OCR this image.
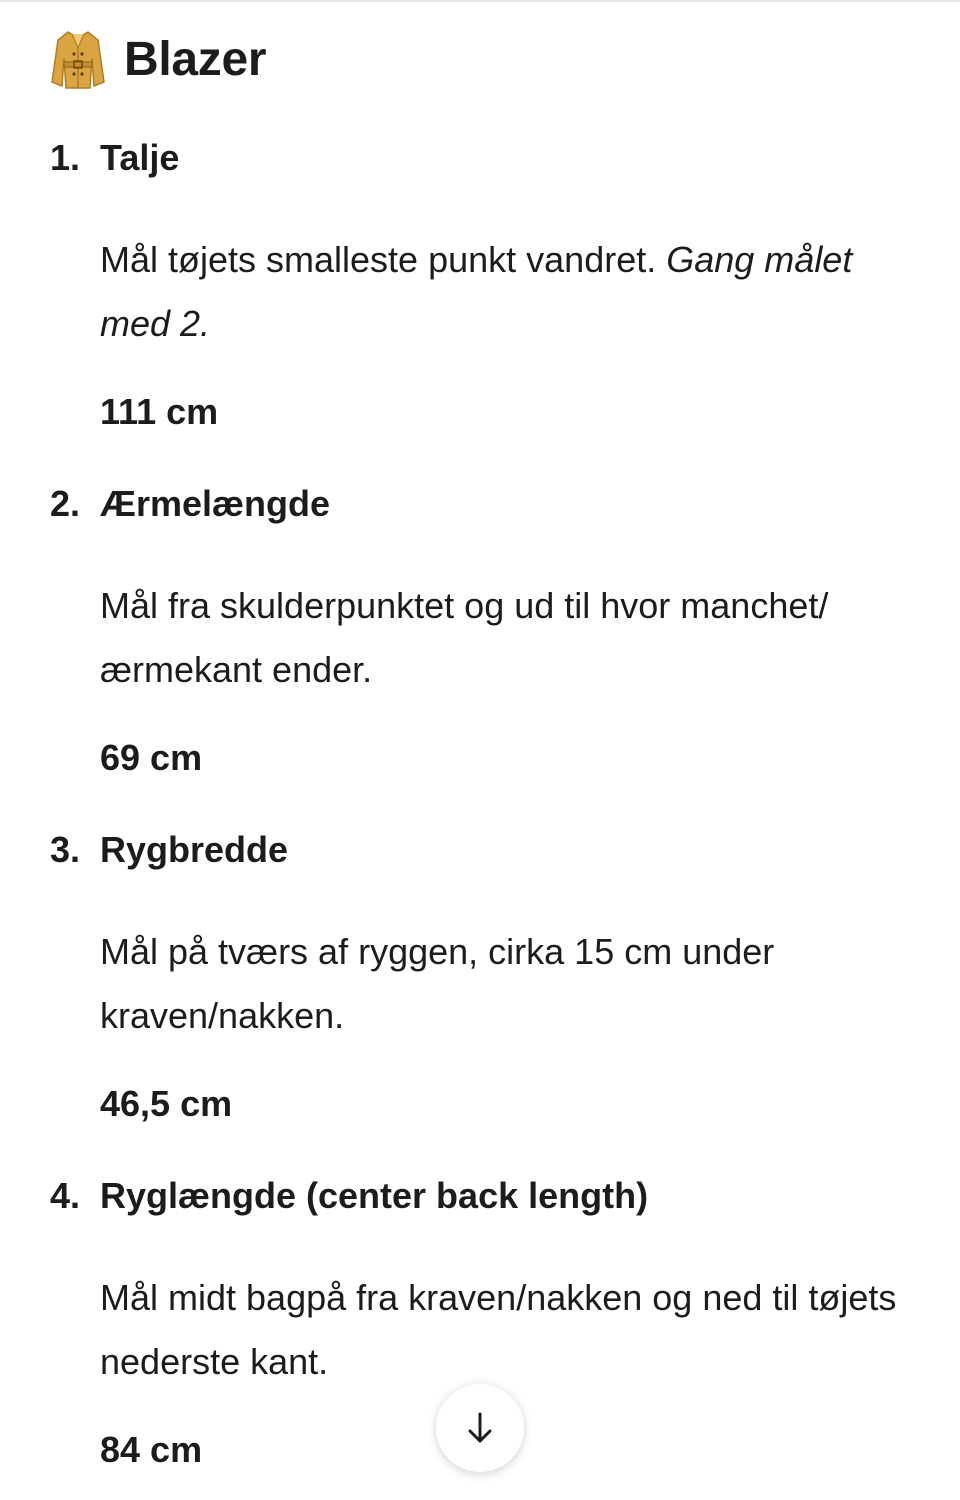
Blazer
1. Talje
Mål tøjets smalleste punkt vandret. Gang målet med 2.
111 cm
2. Ærmelængde
Mål fra skulderpunktet og ud til hvor manchet/ærmekant ender.
69 cm
3. Rygbredde
Mål på tværs af ryggen, cirka 15 cm under kraven/nakken.
46,5 cm
4. Ryglængde (center back length)
Mål midt bagpå fra kraven/nakken og ned til tøjets nederste kant.
84 cm
